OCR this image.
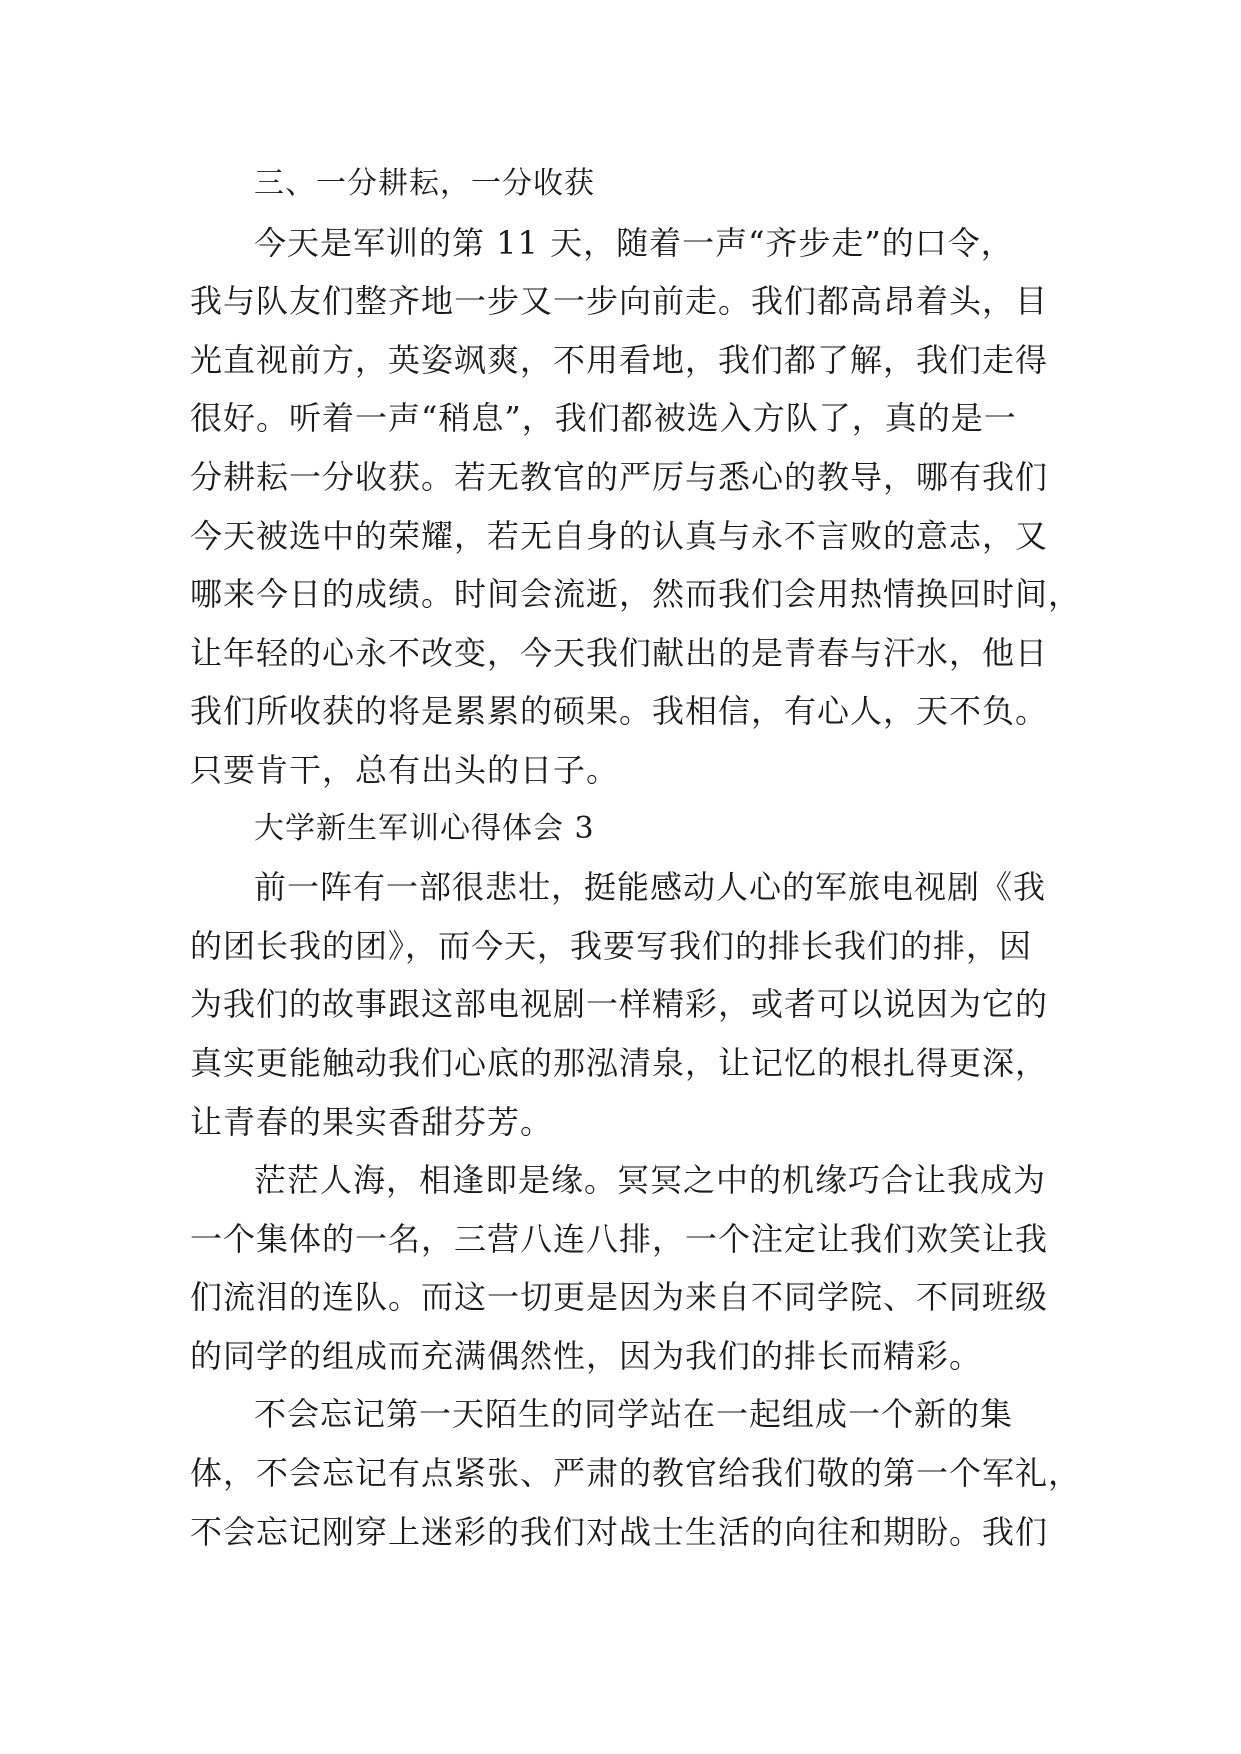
三、一分耕耘，一分收获
今天是军训的第 11 天，随着一声“齐步走”的口令，
我与队友们整齐地一步又一步向前走。我们都高昂着头，目
光直视前方，英姿飒爽，不用看地，我们都了解，我们走得
很好。听着一声“稍息”，我们都被选入方队了，真的是一
分耕耘一分收获。若无教官的严厉与悉心的教导，哪有我们
今天被选中的荣耀，若无自身的认真与永不言败的意志，又
哪来今日的成绩。时间会流逝，然而我们会用热情换回时间，
让年轻的心永不改变，今天我们献出的是青春与汗水，他日
我们所收获的将是累累的硕果。我相信，有心人，天不负。
只要肯干，总有出头的日子。
大学新生军训心得体会 3
前一阵有一部很悲壮，挺能感动人心的军旅电视剧《我
的团长我的团》，而今天，我要写我们的排长我们的排，因
为我们的故事跟这部电视剧一样精彩，或者可以说因为它的
真实更能触动我们心底的那泓清泉，让记忆的根扎得更深，
让青春的果实香甜芬芳。
茫茫人海，相逢即是缘。冥冥之中的机缘巧合让我成为
一个集体的一名，三营八连八排，一个注定让我们欢笑让我
们流泪的连队。而这一切更是因为来自不同学院、不同班级
的同学的组成而充满偶然性，因为我们的排长而精彩。
不会忘记第一天陌生的同学站在一起组成一个新的集
体，不会忘记有点紧张、严肃的教官给我们敬的第一个军礼，
不会忘记刚穿上迷彩的我们对战士生活的向往和期盼。我们
